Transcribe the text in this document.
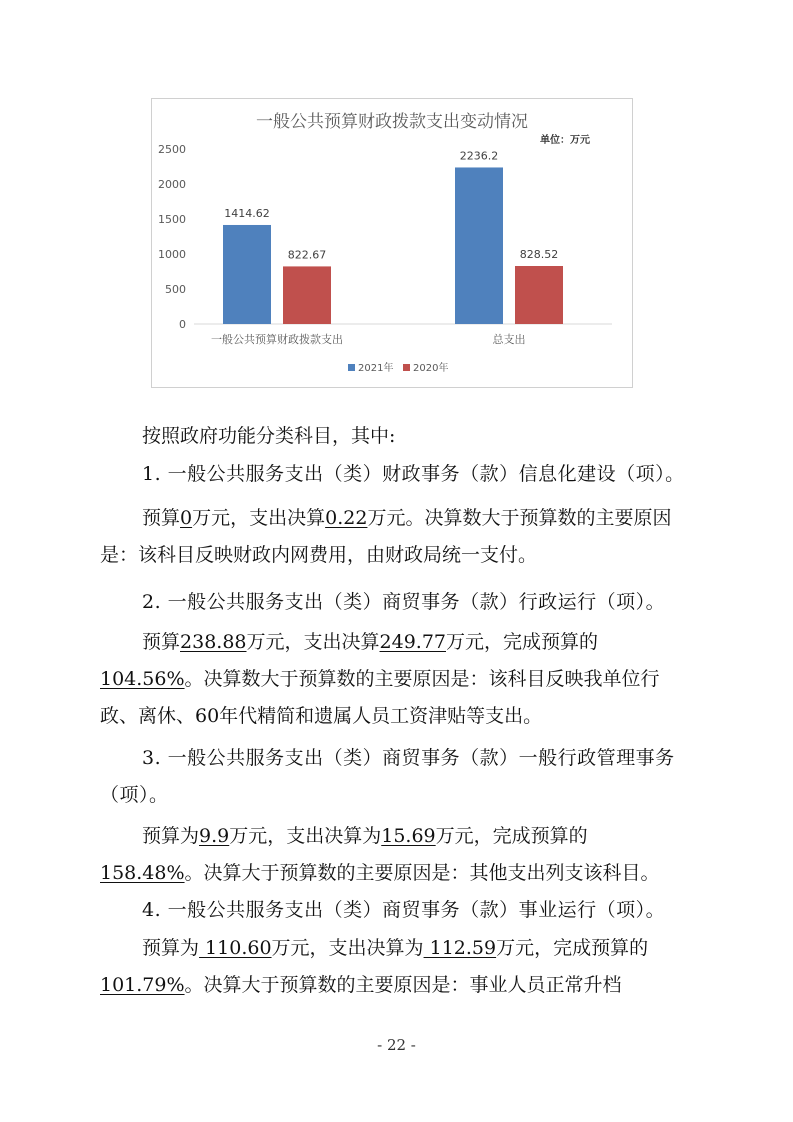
一般公共预算财政拨款支出变动情况
单位：万元
0
500
1000
1500
2000
2500
1414.62
2236.2
822.67	828.52
一般公共预算财政拨款支出	总支出
2021年 2020年

按照政府功能分类科目，其中:

1. 一般公共服务支出（类）财政事务（款）信息化建设（项）。

预算0万元，支出决算0.22万元。决算数大于预算数的主要原因是：该科目反映财政内网费用，由财政局统一支付。

2. 一般公共服务支出（类）商贸事务（款）行政运行（项）。

预算238.88万元，支出决算249.77万元，完成预算的104.56%。决算数大于预算数的主要原因是：该科目反映我单位行政、离休、60年代精简和遗属人员工资津贴等支出。

3. 一般公共服务支出（类）商贸事务（款）一般行政管理事务（项）。

预算为9.9万元，支出决算为15.69万元，完成预算的158.48%。决算大于预算数的主要原因是：其他支出列支该科目。

4. 一般公共服务支出（类）商贸事务（款）事业运行（项）。

预算为 110.60万元，支出决算为 112.59万元，完成预算的 101.79%。决算大于预算数的主要原因是：事业人员正常升档

- 22 -
